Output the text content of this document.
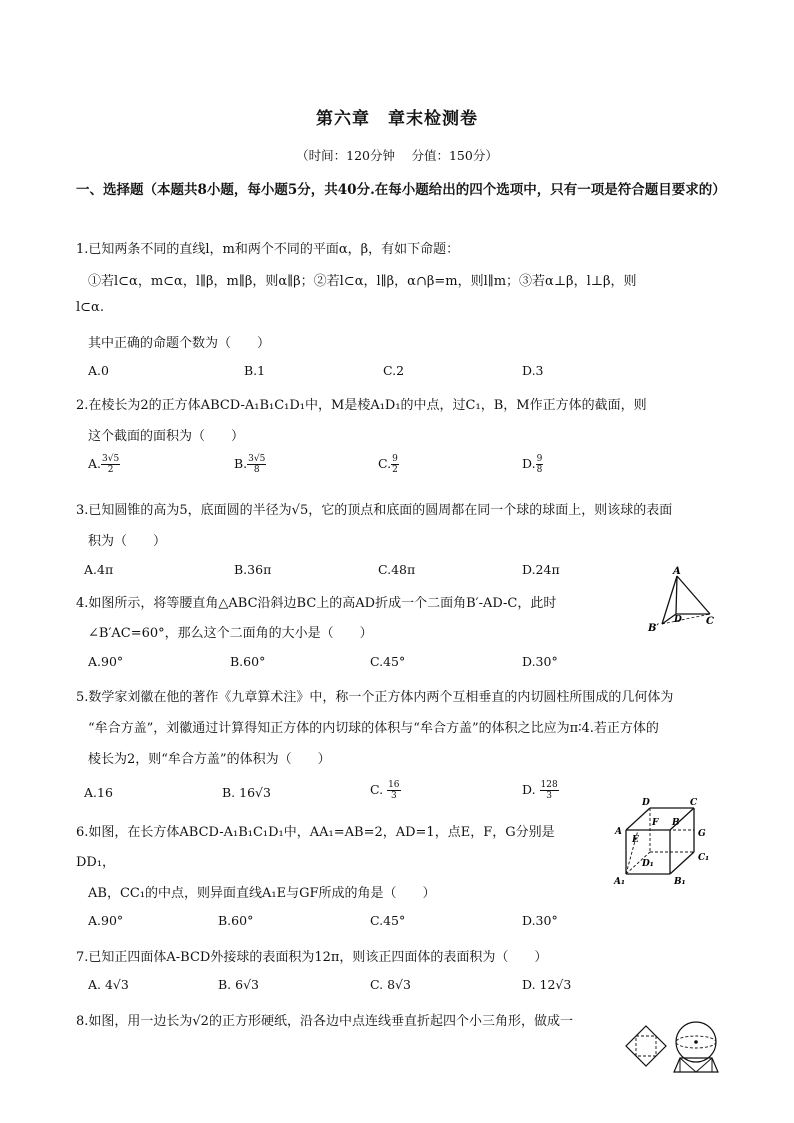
第六章　章末检测卷
（时间：120分钟　 分值：150分）
一、选择题（本题共8小题，每小题5分，共40分.在每小题给出的四个选项中，只有一项是符合题目要求的）
1.已知两条不同的直线l，m和两个不同的平面α，β，有如下命题：
①若l⊂α，m⊂α，l∥β，m∥β，则α∥β；②若l⊂α，l∥β，α∩β=m，则l∥m；③若α⊥β，l⊥β，则
l⊂α.
其中正确的命题个数为（　　）
A.0	B.1	C.2	D.3
2.在棱长为2的正方体ABCD-A₁B₁C₁D₁中，M是棱A₁D₁的中点，过C₁，B，M作正方体的截面，则
这个截面的面积为（　　）
A. $\frac{3√5}{2}$	B. $\frac{3√5}{8}$	C. $\frac{9}{2}$	D. $\frac{9}{8}$
3.已知圆锥的高为5，底面圆的半径为√5，它的顶点和底面的圆周都在同一个球的球面上，则该球的表面
积为（　　）
A.4π	B.36π	C.48π	D.24π
4.如图所示，将等腰直角△ABC沿斜边BC上的高AD折成一个二面角B′-AD-C，此时
∠B′AC=60°，那么这个二面角的大小是（　　）
A.90°	B.60°	C.45°	D.30°
A
B′
D C
5.数学家刘徽在他的著作《九章算术注》中，称一个正方体内两个互相垂直的内切圆柱所围成的几何体为
“牟合方盖”，刘徽通过计算得知正方体的内切球的体积与“牟合方盖”的体积之比应为π∶4.若正方体的
棱长为2，则“牟合方盖”的体积为（　　）
A.16	B. 16√3	C. $\frac{16}{3}$	D. $\frac{128}{3}$
6.如图，在长方体ABCD-A₁B₁C₁D₁中，AA₁=AB=2，AD=1，点E，F，G分别是
DD₁，
AB，CC₁的中点，则异面直线A₁E与GF所成的角是（　　）
A.90°	B.60°	C.45°	D.30°
D	C
A
F B
E
G
D₁
C₁
A₁	B₁
7.已知正四面体A-BCD外接球的表面积为12π，则该正四面体的表面积为（　　）
A. 4√3	B. 6√3	C. 8√3	D. 12√3
8.如图，用一边长为√2的正方形硬纸，沿各边中点连线垂直折起四个小三角形，做成一
